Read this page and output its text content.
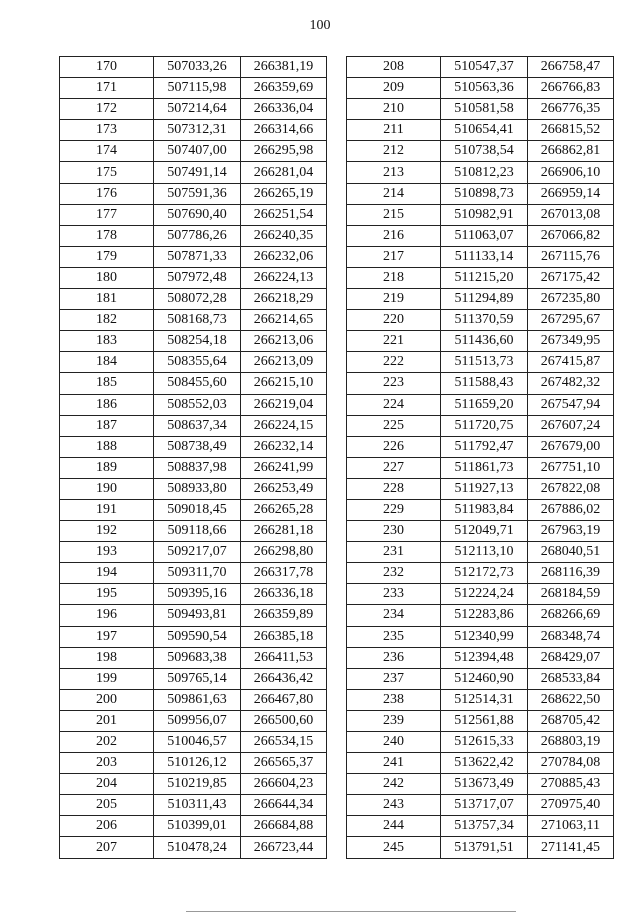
100
170	507033,26	266381,19
171	507115,98	266359,69
172	507214,64	266336,04
173	507312,31	266314,66
174	507407,00	266295,98
175	507491,14	266281,04
176	507591,36	266265,19
177	507690,40	266251,54
178	507786,26	266240,35
179	507871,33	266232,06
180	507972,48	266224,13
181	508072,28	266218,29
182	508168,73	266214,65
183	508254,18	266213,06
184	508355,64	266213,09
185	508455,60	266215,10
186	508552,03	266219,04
187	508637,34	266224,15
188	508738,49	266232,14
189	508837,98	266241,99
190	508933,80	266253,49
191	509018,45	266265,28
192	509118,66	266281,18
193	509217,07	266298,80
194	509311,70	266317,78
195	509395,16	266336,18
196	509493,81	266359,89
197	509590,54	266385,18
198	509683,38	266411,53
199	509765,14	266436,42
200	509861,63	266467,80
201	509956,07	266500,60
202	510046,57	266534,15
203	510126,12	266565,37
204	510219,85	266604,23
205	510311,43	266644,34
206	510399,01	266684,88
207	510478,24	266723,44
208	510547,37	266758,47
209	510563,36	266766,83
210	510581,58	266776,35
211	510654,41	266815,52
212	510738,54	266862,81
213	510812,23	266906,10
214	510898,73	266959,14
215	510982,91	267013,08
216	511063,07	267066,82
217	511133,14	267115,76
218	511215,20	267175,42
219	511294,89	267235,80
220	511370,59	267295,67
221	511436,60	267349,95
222	511513,73	267415,87
223	511588,43	267482,32
224	511659,20	267547,94
225	511720,75	267607,24
226	511792,47	267679,00
227	511861,73	267751,10
228	511927,13	267822,08
229	511983,84	267886,02
230	512049,71	267963,19
231	512113,10	268040,51
232	512172,73	268116,39
233	512224,24	268184,59
234	512283,86	268266,69
235	512340,99	268348,74
236	512394,48	268429,07
237	512460,90	268533,84
238	512514,31	268622,50
239	512561,88	268705,42
240	512615,33	268803,19
241	513622,42	270784,08
242	513673,49	270885,43
243	513717,07	270975,40
244	513757,34	271063,11
245	513791,51	271141,45
